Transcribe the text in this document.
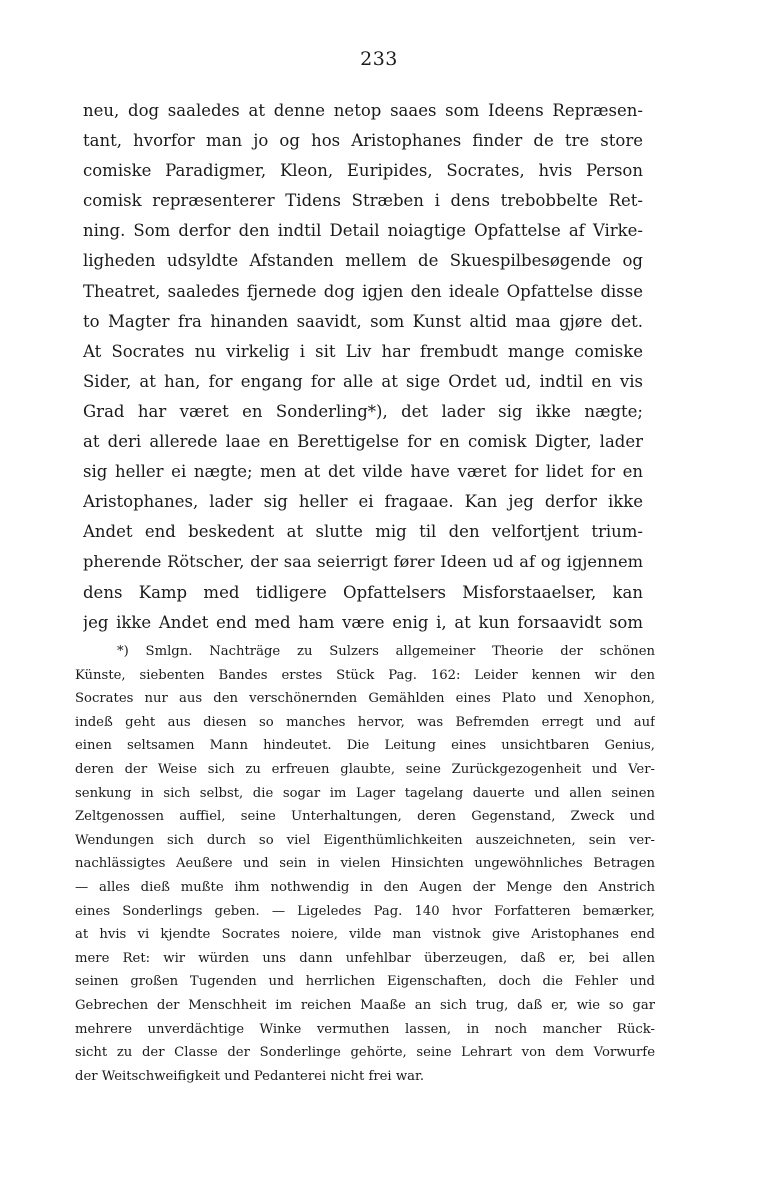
233
neu, dog saaledes at denne netop saaes som Ideens Repræsen-
tant, hvorfor man jo og hos Aristophanes finder de tre store
comiske Paradigmer, Kleon, Euripides, Socrates, hvis Person
comisk repræsenterer Tidens Stræben i dens trebobbelte Ret-
ning. Som derfor den indtil Detail noiagtige Opfattelse af Virke-
ligheden udsyldte Afstanden mellem de Skuespilbesøgende og
Theatret, saaledes fjernede dog igjen den ideale Opfattelse disse
to Magter fra hinanden saavidt, som Kunst altid maa gjøre det.
At Socrates nu virkelig i sit Liv har frembudt mange comiske
Sider, at han, for engang for alle at sige Ordet ud, indtil en vis
Grad har været en Sonderling*), det lader sig ikke nægte;
at deri allerede laae en Berettigelse for en comisk Digter, lader
sig heller ei nægte; men at det vilde have været for lidet for en
Aristophanes, lader sig heller ei fragaae. Kan jeg derfor ikke
Andet end beskedent at slutte mig til den velfortjent trium-
pherende Rötscher, der saa seierrigt fører Ideen ud af og igjennem
dens Kamp med tidligere Opfattelsers Misforstaaelser, kan
jeg ikke Andet end med ham være enig i, at kun forsaavidt som
*) Smlgn. Nachträge zu Sulzers allgemeiner Theorie der schönen
Künste, siebenten Bandes erstes Stück Pag. 162: Leider kennen wir den
Socrates nur aus den verschönernden Gemählden eines Plato und Xenophon,
indeß geht aus diesen so manches hervor, was Befremden erregt und auf
einen seltsamen Mann hindeutet. Die Leitung eines unsichtbaren Genius,
deren der Weise sich zu erfreuen glaubte, seine Zurückgezogenheit und Ver-
senkung in sich selbst, die sogar im Lager tagelang dauerte und allen seinen
Zeltgenossen auffiel, seine Unterhaltungen, deren Gegenstand, Zweck und
Wendungen sich durch so viel Eigenthümlichkeiten auszeichneten, sein ver-
nachlässigtes Aeußere und sein in vielen Hinsichten ungewöhnliches Betragen
— alles dieß mußte ihm nothwendig in den Augen der Menge den Anstrich
eines Sonderlings geben. — Ligeledes Pag. 140 hvor Forfatteren bemærker,
at hvis vi kjendte Socrates noiere, vilde man vistnok give Aristophanes end
mere Ret: wir würden uns dann unfehlbar überzeugen, daß er, bei allen
seinen großen Tugenden und herrlichen Eigenschaften, doch die Fehler und
Gebrechen der Menschheit im reichen Maaße an sich trug, daß er, wie so gar
mehrere unverdächtige Winke vermuthen lassen, in noch mancher Rück-
sicht zu der Classe der Sonderlinge gehörte, seine Lehrart von dem Vorwurfe
der Weitschweifigkeit und Pedanterei nicht frei war.
